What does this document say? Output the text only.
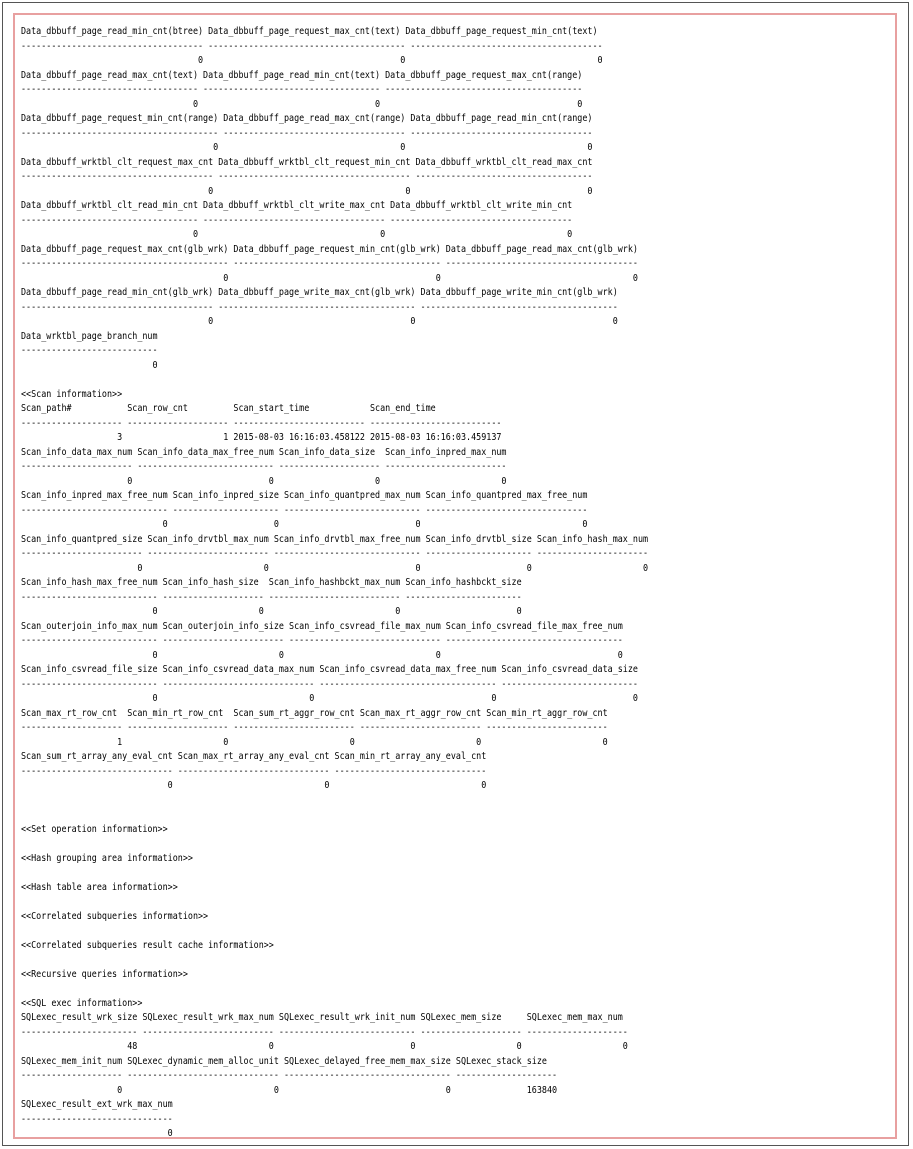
Data_dbbuff_page_read_min_cnt(btree) Data_dbbuff_page_request_max_cnt(text) Data_dbbuff_page_request_min_cnt(text)
------------------------------------ --------------------------------------- --------------------------------------
0                                       0                                      0
Data_dbbuff_page_read_max_cnt(text) Data_dbbuff_page_read_min_cnt(text) Data_dbbuff_page_request_max_cnt(range)
----------------------------------- ----------------------------------- ---------------------------------------
0                                   0                                       0
Data_dbbuff_page_request_min_cnt(range) Data_dbbuff_page_read_max_cnt(range) Data_dbbuff_page_read_min_cnt(range)
--------------------------------------- ------------------------------------ ------------------------------------
0                                    0                                    0
Data_dbbuff_wrktbl_clt_request_max_cnt Data_dbbuff_wrktbl_clt_request_min_cnt Data_dbbuff_wrktbl_clt_read_max_cnt
-------------------------------------- -------------------------------------- -----------------------------------
0                                      0                                   0
Data_dbbuff_wrktbl_clt_read_min_cnt Data_dbbuff_wrktbl_clt_write_max_cnt Data_dbbuff_wrktbl_clt_write_min_cnt
----------------------------------- ------------------------------------ ------------------------------------
0                                    0                                    0
Data_dbbuff_page_request_max_cnt(glb_wrk) Data_dbbuff_page_request_min_cnt(glb_wrk) Data_dbbuff_page_read_max_cnt(glb_wrk)
----------------------------------------- ----------------------------------------- --------------------------------------
0                                         0                                      0
Data_dbbuff_page_read_min_cnt(glb_wrk) Data_dbbuff_page_write_max_cnt(glb_wrk) Data_dbbuff_page_write_min_cnt(glb_wrk)
-------------------------------------- --------------------------------------- ---------------------------------------
0                                       0                                       0
Data_wrktbl_page_branch_num
---------------------------
0
<<Scan information>>
Scan_path#           Scan_row_cnt         Scan_start_time            Scan_end_time
-------------------- -------------------- -------------------------- --------------------------
3                    1 2015-08-03 16:16:03.458122 2015-08-03 16:16:03.459137
Scan_info_data_max_num Scan_info_data_max_free_num Scan_info_data_size  Scan_info_inpred_max_num
---------------------- --------------------------- -------------------- ------------------------
0                           0                    0                        0
Scan_info_inpred_max_free_num Scan_info_inpred_size Scan_info_quantpred_max_num Scan_info_quantpred_max_free_num
----------------------------- --------------------- --------------------------- --------------------------------
0                     0                           0                                0
Scan_info_quantpred_size Scan_info_drvtbl_max_num Scan_info_drvtbl_max_free_num Scan_info_drvtbl_size Scan_info_hash_max_num
------------------------ ------------------------ ----------------------------- --------------------- ----------------------
0                        0                             0                     0                      0
Scan_info_hash_max_free_num Scan_info_hash_size  Scan_info_hashbckt_max_num Scan_info_hashbckt_size
--------------------------- -------------------- -------------------------- -----------------------
0                    0                          0                       0
Scan_outerjoin_info_max_num Scan_outerjoin_info_size Scan_info_csvread_file_max_num Scan_info_csvread_file_max_free_num
--------------------------- ------------------------ ------------------------------ -----------------------------------
0                        0                              0                                   0
Scan_info_csvread_file_size Scan_info_csvread_data_max_num Scan_info_csvread_data_max_free_num Scan_info_csvread_data_size
--------------------------- ------------------------------ ----------------------------------- ---------------------------
0                              0                                   0                           0
Scan_max_rt_row_cnt  Scan_min_rt_row_cnt  Scan_sum_rt_aggr_row_cnt Scan_max_rt_aggr_row_cnt Scan_min_rt_aggr_row_cnt
-------------------- -------------------- ------------------------ ------------------------ ------------------------
1                    0                        0                        0                        0
Scan_sum_rt_array_any_eval_cnt Scan_max_rt_array_any_eval_cnt Scan_min_rt_array_any_eval_cnt
------------------------------ ------------------------------ ------------------------------
0                              0                              0
<<Set operation information>>
<<Hash grouping area information>>
<<Hash table area information>>
<<Correlated subqueries information>>
<<Correlated subqueries result cache information>>
<<Recursive queries information>>
<<SQL exec information>>
SQLexec_result_wrk_size SQLexec_result_wrk_max_num SQLexec_result_wrk_init_num SQLexec_mem_size     SQLexec_mem_max_num
----------------------- -------------------------- --------------------------- -------------------- --------------------
48                          0                           0                    0                    0
SQLexec_mem_init_num SQLexec_dynamic_mem_alloc_unit SQLexec_delayed_free_mem_max_size SQLexec_stack_size
-------------------- ------------------------------ --------------------------------- --------------------
0                              0                                 0               163840
SQLexec_result_ext_wrk_max_num
------------------------------
0
